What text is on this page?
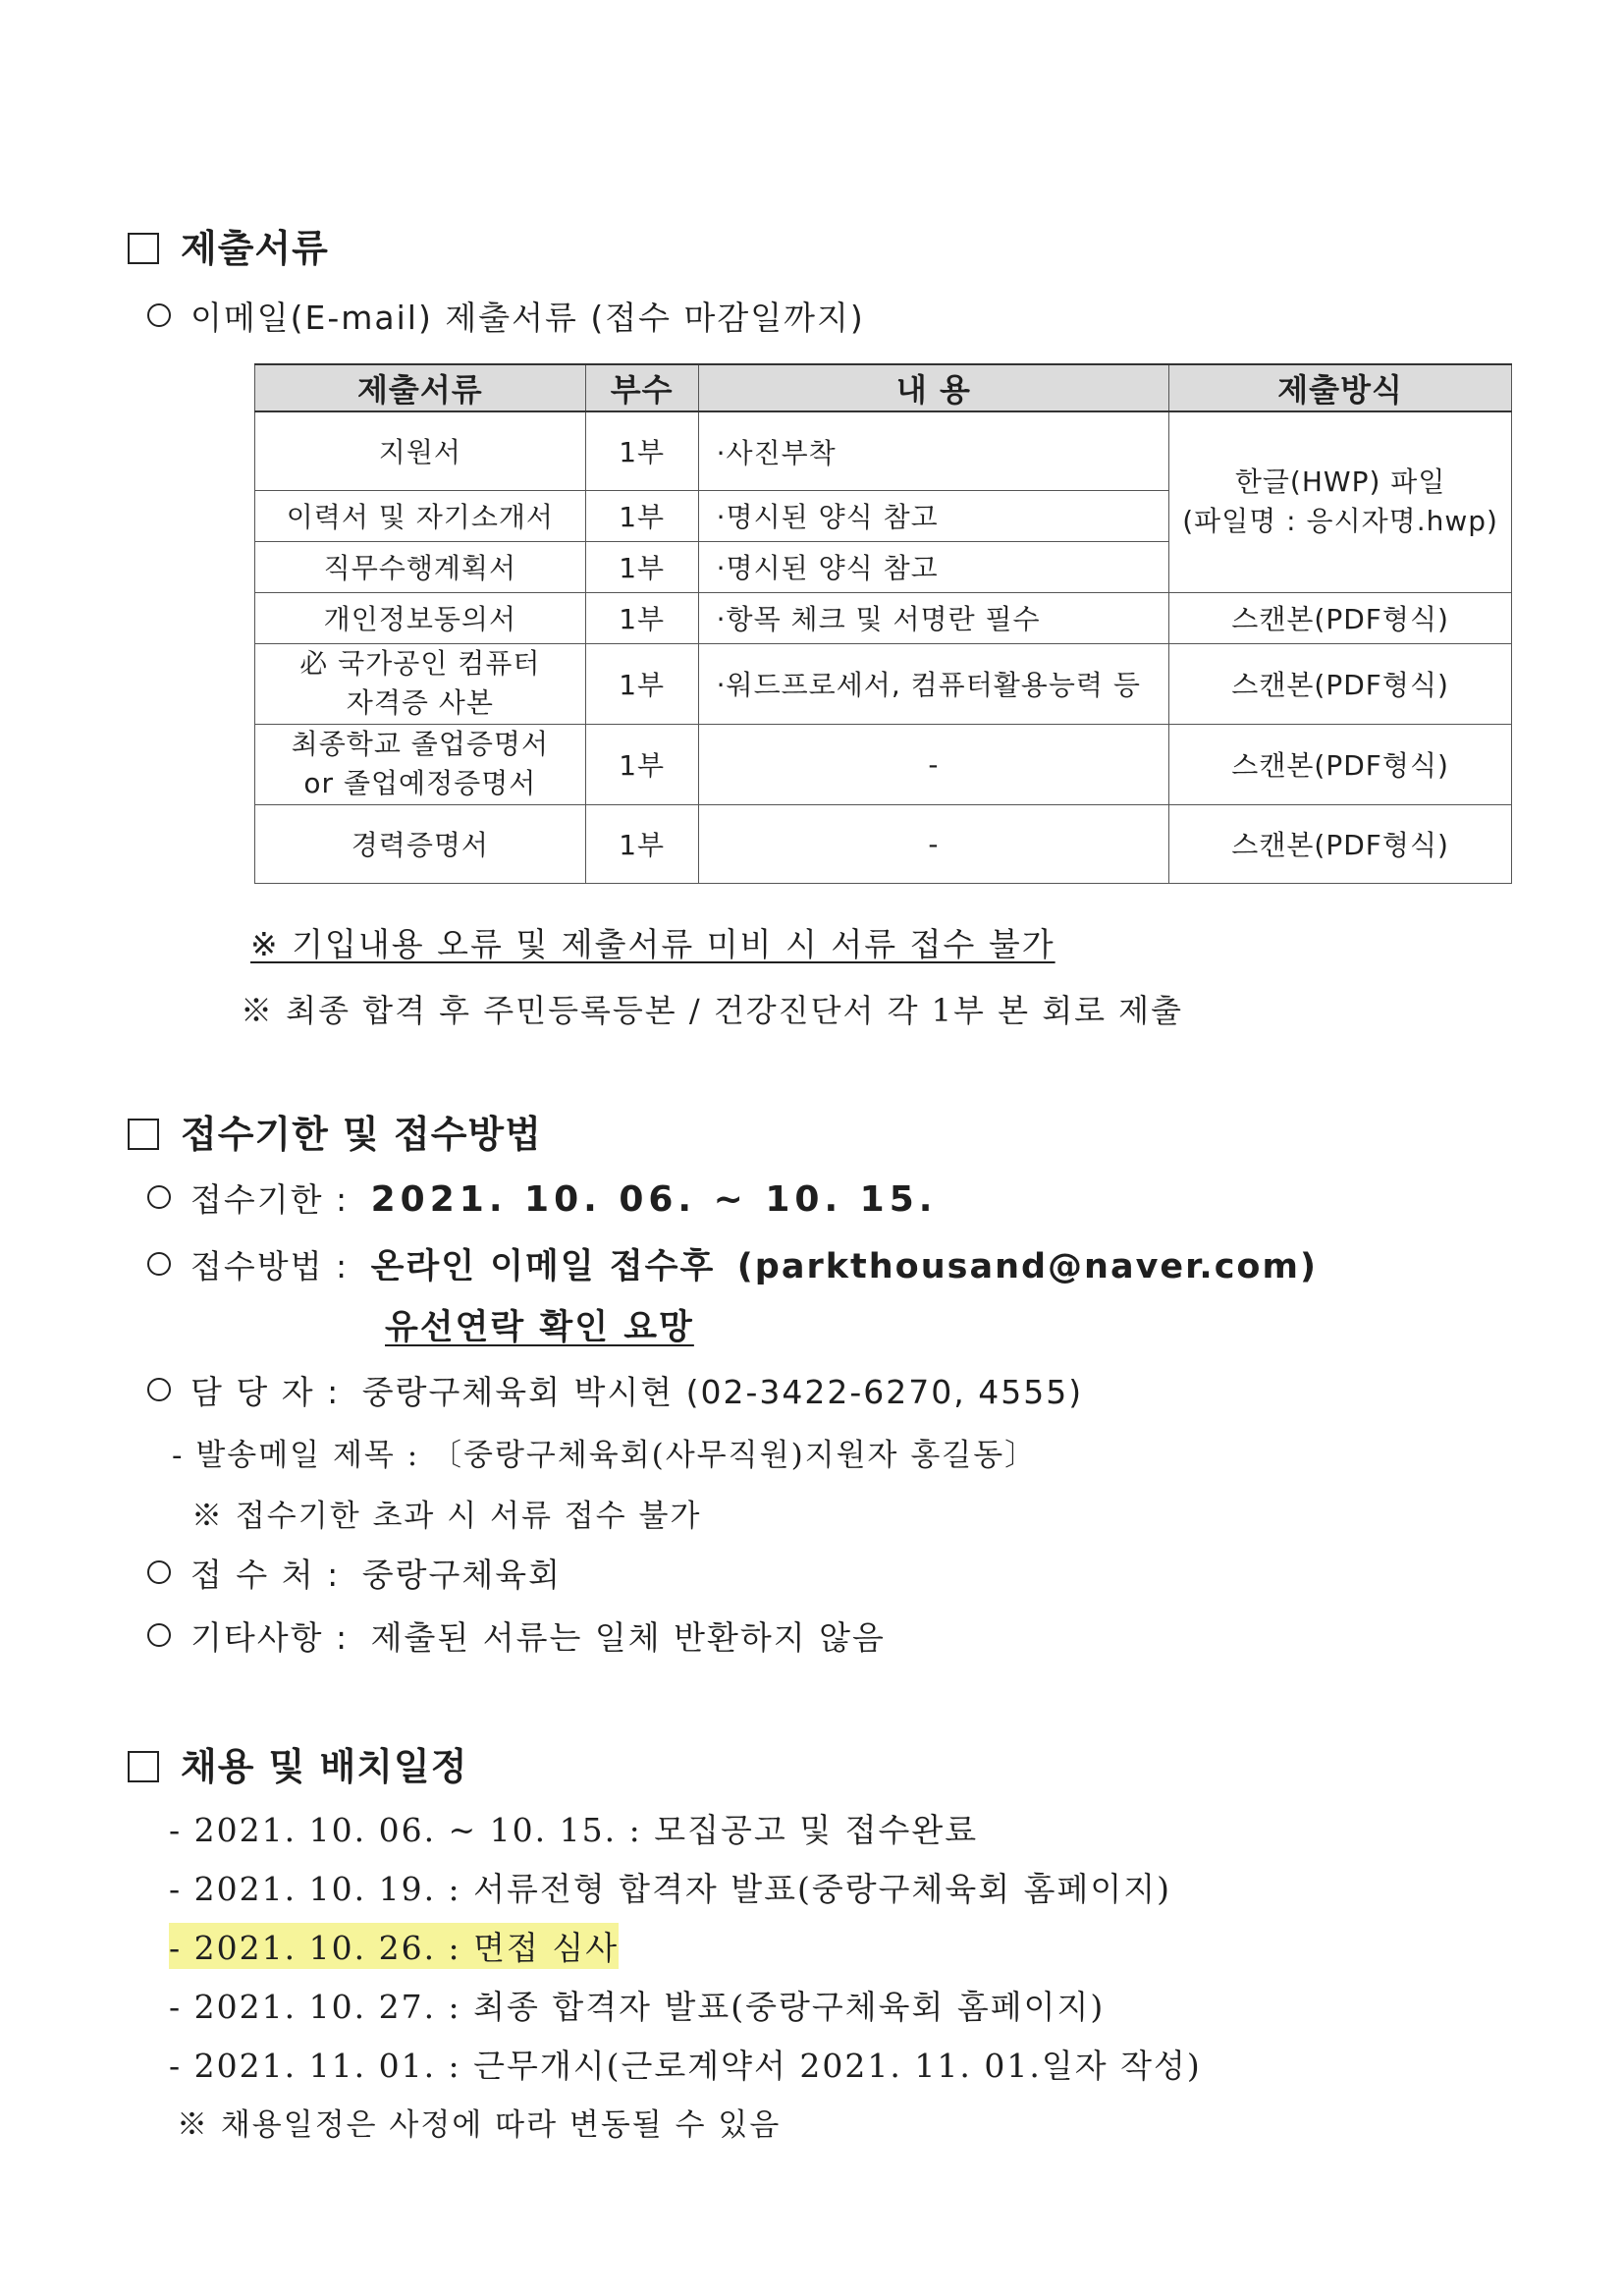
제출서류
이메일(E-mail) 제출서류 (접수 마감일까지)
제출서류	부수	내 용	제출방식
지원서	1부	·사진부착	한글(HWP) 파일
(파일명 : 응시자명.hwp)

이력서 및 자기소개서	1부	·명시된 양식 참고	
직무수행계획서	1부	·명시된 양식 참고	
개인정보동의서	1부	·항목 체크 및 서명란 필수	스캔본(PDF형식)

必 국가공인 컴퓨터
자격증 사본	1부	·워드프로세서, 컴퓨터활용능력 등	스캔본(PDF형식)

최종학교 졸업증명서
or 졸업예정증명서	1부	-	스캔본(PDF형식)
경력증명서	1부	-	스캔본(PDF형식)
※ 기입내용 오류 및 제출서류 미비 시 서류 접수 불가
※ 최종 합격 후 주민등록등본 / 건강진단서 각 1부 본 회로 제출
접수기한 및 접수방법
접수기한 : 2021. 10. 06. ~ 10. 15.
접수방법 : 온라인 이메일 접수후 (parkthousand@naver.com)
유선연락 확인 요망
담 당 자 : 중랑구체육회 박시현 (02-3422-6270, 4555)
- 발송메일 제목 : 〔중랑구체육회(사무직원)지원자 홍길동〕
※ 접수기한 초과 시 서류 접수 불가
접 수 처 : 중랑구체육회
기타사항 : 제출된 서류는 일체 반환하지 않음
채용 및 배치일정
- 2021. 10. 06. ~ 10. 15. : 모집공고 및 접수완료
- 2021. 10. 19. : 서류전형 합격자 발표(중랑구체육회 홈페이지)
- 2021. 10. 26. : 면접 심사
- 2021. 10. 27. : 최종 합격자 발표(중랑구체육회 홈페이지)
- 2021. 11. 01. : 근무개시(근로계약서 2021. 11. 01.일자 작성)
※ 채용일정은 사정에 따라 변동될 수 있음
